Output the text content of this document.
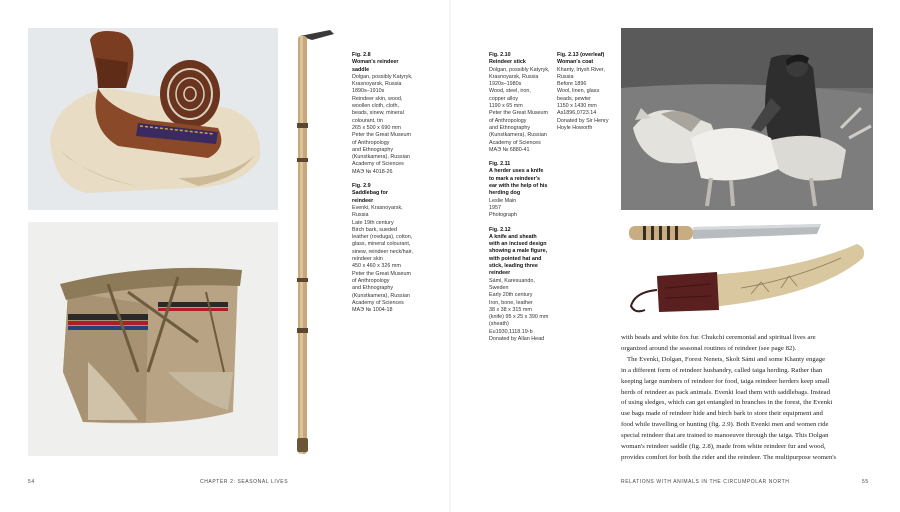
Fig. 2.8
Woman's reindeer
saddle
Dolgan, possibly Katyryk,
Krasnoyarsk, Russia
1890s–1910s
Reindeer skin, wood,
woollen cloth, cloth,
beads, sinew, mineral
colourant, tin
265 x 500 x 690 mm
Peter the Great Museum
of Anthropology
and Ethnography
(Kunstkamera), Russian
Academy of Sciences
MAЭ № 4018-26
Fig. 2.9
Saddlebag for
reindeer
Evenki, Krasnoyarsk,
Russia
Late 19th century
Birch bark, sueded
leather (rovduga), cotton,
glass, mineral colourant,
sinew, reindeer neck/hair,
reindeer skin
450 x 460 x 326 mm
Peter the Great Museum
of Anthropology
and Ethnography
(Kunstkamera), Russian
Academy of Sciences
MAЭ № 1004-18
Fig. 2.10
Reindeer stick
Dolgan, possibly Katyryk,
Krasnoyarsk, Russia
1920s–1980s
Wood, steel, iron,
copper alloy
1190 x 65 mm
Peter the Great Museum
of Anthropology
and Ethnography
(Kunstkamera), Russian
Academy of Sciences
MAЭ № 6880-41
Fig. 2.11
A herder uses a knife
to mark a reindeer's
ear with the help of his
herding dog
Leslie Main
1957
Photograph
Fig. 2.12
A knife and sheath
with an incised design
showing a male figure,
with pointed hat and
stick, leading three
reindeer
Sámi, Karesuando,
Sweden
Early 20th century
Iron, bone, leather
38 x 38 x 315 mm
(knife) 95 x 25 x 390 mm
(sheath)
Eu1930,1118.19-b
Donated by Allan Head
Fig. 2.13 (overleaf)
Woman's coat
Khanty, Irtysh River,
Russia
Before 1896
Wool, linen, glass
beads, pewter
1150 x 1430 mm
As1896,0723.14
Donated by Sir Henry
Hoyle Howorth
with beads and white fox fur. Chukchi ceremonial and spiritual lives are
organized around the seasonal routines of reindeer (see page 82).
The Evenki, Dolgan, Forest Nenets, Skolt Sámi and some Khanty engage
in a different form of reindeer husbandry, called taiga herding. Rather than
keeping large numbers of reindeer for food, taiga reindeer herders keep small
herds of reindeer as pack animals. Evenki load them with saddlebags. Instead
of using sledges, which can get entangled in branches in the forest, the Evenki
use bags made of reindeer hide and birch bark to store their equipment and
food while travelling or hunting (fig. 2.9). Both Evenki men and women ride
special reindeer that are trained to manoeuvre through the taiga. This Dolgan
woman's reindeer saddle (fig. 2.8), made from white reindeer fur and wood,
provides comfort for both the rider and the reindeer. The multipurpose women's
54	CHAPTER 2: SEASONAL LIVES	RELATIONS WITH ANIMALS IN THE CIRCUMPOLAR NORTH	55
